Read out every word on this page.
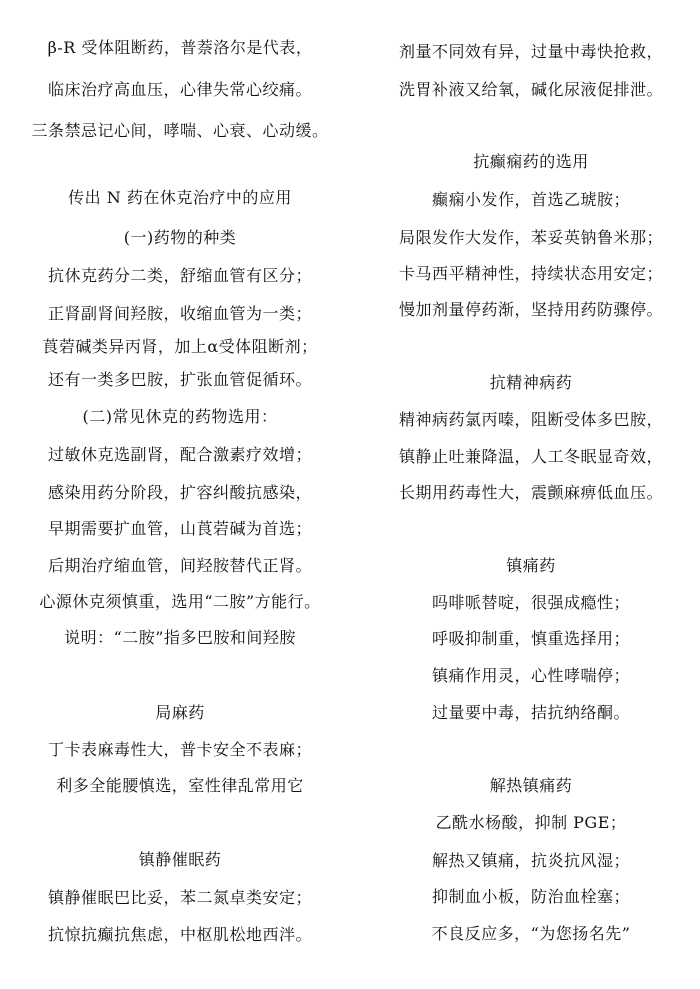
β-R 受体阻断药，普萘洛尔是代表，
临床治疗高血压，心律失常心绞痛。
三条禁忌记心间，哮喘、心衰、心动缓。
传出 N 药在休克治疗中的应用
(一)药物的种类
抗休克药分二类，舒缩血管有区分；
正肾副肾间羟胺，收缩血管为一类；
莨菪碱类异丙肾，加上α受体阻断剂；
还有一类多巴胺，扩张血管促循环。
(二)常见休克的药物选用：
过敏休克选副肾，配合激素疗效增；
感染用药分阶段，扩容纠酸抗感染，
早期需要扩血管，山莨菪碱为首选；
后期治疗缩血管，间羟胺替代正肾。
心源休克须慎重，选用“二胺”方能行。
说明：“二胺”指多巴胺和间羟胺
局麻药
丁卡表麻毒性大，普卡安全不表麻；
利多全能腰慎选，室性律乱常用它
镇静催眠药
镇静催眠巴比妥，苯二氮卓类安定；
抗惊抗癫抗焦虑，中枢肌松地西泮。
剂量不同效有异，过量中毒快抢救，
洗胃补液又给氧，碱化尿液促排泄。
抗癫痫药的选用
癫痫小发作，首选乙琥胺；
局限发作大发作，苯妥英钠鲁米那；
卡马西平精神性，持续状态用安定；
慢加剂量停药渐，坚持用药防骤停。
抗精神病药
精神病药氯丙嗪，阻断受体多巴胺，
镇静止吐兼降温，人工冬眠显奇效，
长期用药毒性大，震颤麻痹低血压。
镇痛药
吗啡哌替啶，很强成瘾性；
呼吸抑制重，慎重选择用；
镇痛作用灵，心性哮喘停；
过量要中毒，拮抗纳络酮。
解热镇痛药
乙酰水杨酸，抑制 PGE；
解热又镇痛，抗炎抗风湿；
抑制血小板，防治血栓塞；
不良反应多，“为您扬名先”
